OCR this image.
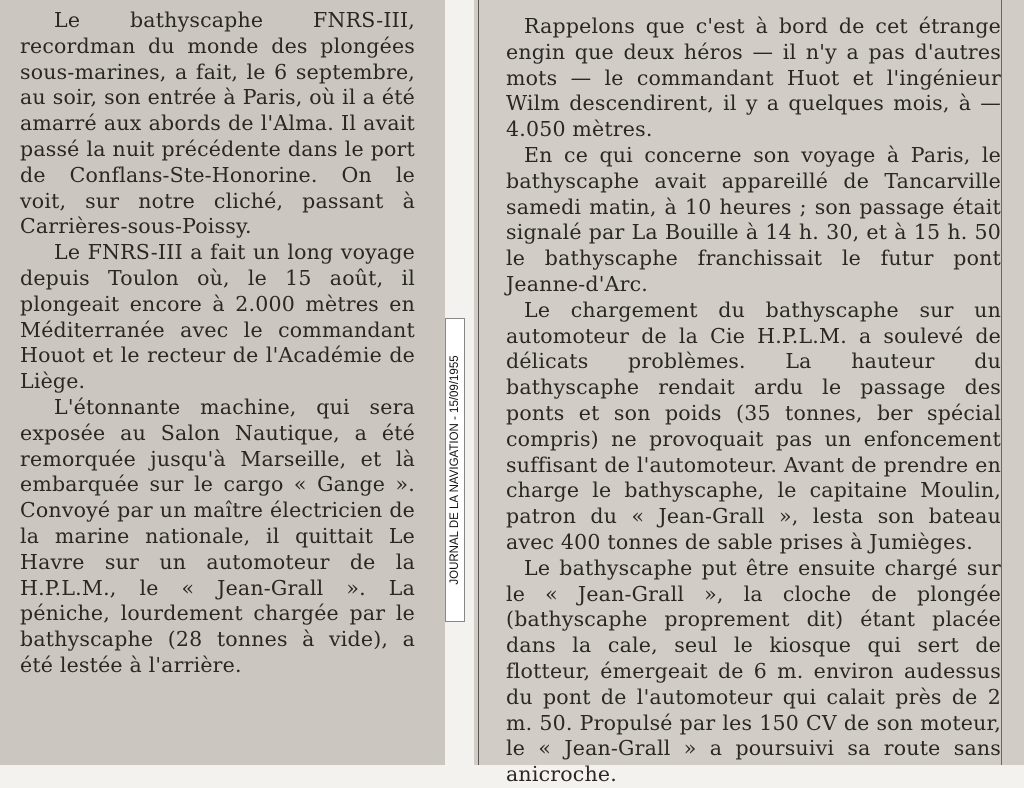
Le bathyscaphe FNRS-III, recordman du monde des plongées sous-marines, a fait, le 6 septembre, au soir, son entrée à Paris, où il a été amarré aux abords de l'Alma. Il avait passé la nuit précédente dans le port de Conflans-Ste-Honorine. On le voit, sur notre cliché, passant à Carrières-sous-Poissy.

Le FNRS-III a fait un long voyage depuis Toulon où, le 15 août, il plongeait encore à 2.000 mètres en Méditerranée avec le commandant Houot et le recteur de l'Académie de Liège.

L'étonnante machine, qui sera exposée au Salon Nautique, a été remorquée jusqu'à Marseille, et là embarquée sur le cargo « Gange ». Convoyé par un maître électricien de la marine nationale, il quittait Le Havre sur un automoteur de la H.P.L.M., le « Jean-Grall ». La péniche, lourdement chargée par le bathyscaphe (28 tonnes à vide), a été lestée à l'arrière.

JOURNAL DE LA NAVIGATION - 15/09/1955

Rappelons que c'est à bord de cet étrange engin que deux héros — il n'y a pas d'autres mots — le commandant Huot et l'ingénieur Wilm descendirent, il y a quelques mois, à — 4.050 mètres.

En ce qui concerne son voyage à Paris, le bathyscaphe avait appareillé de Tancarville samedi matin, à 10 heures ; son passage était signalé par La Bouille à 14 h. 30, et à 15 h. 50 le bathyscaphe franchissait le futur pont Jeanne-d'Arc.

Le chargement du bathyscaphe sur un automoteur de la Cie H.P.L.M. a soulevé de délicats problèmes. La hauteur du bathyscaphe rendait ardu le passage des ponts et son poids (35 tonnes, ber spécial compris) ne provoquait pas un enfoncement suffisant de l'automoteur. Avant de prendre en charge le bathyscaphe, le capitaine Moulin, patron du « Jean-Grall », lesta son bateau avec 400 tonnes de sable prises à Jumièges.

Le bathyscaphe put être ensuite chargé sur le « Jean-Grall », la cloche de plongée (bathyscaphe proprement dit) étant placée dans la cale, seul le kiosque qui sert de flotteur, émergeait de 6 m. environ audessus du pont de l'automoteur qui calait près de 2 m. 50. Propulsé par les 150 CV de son moteur, le « Jean-Grall » a poursuivi sa route sans anicroche.
